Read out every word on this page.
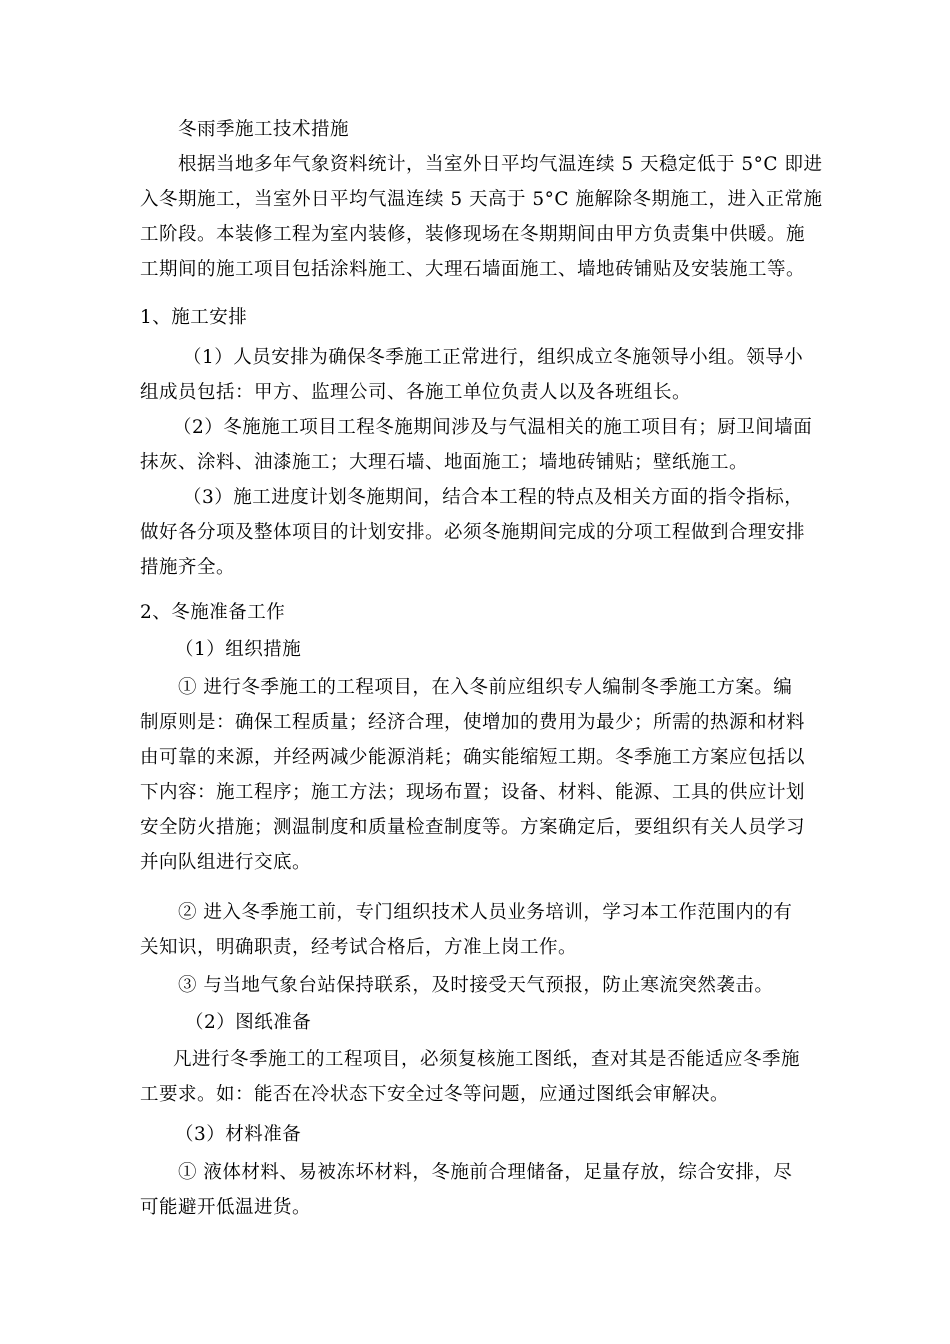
冬雨季施工技术措施

根据当地多年气象资料统计，当室外日平均气温连续 5 天稳定低于 5°C 即进
入冬期施工，当室外日平均气温连续 5 天高于 5°C 施解除冬期施工，进入正常施
工阶段。本装修工程为室内装修，装修现场在冬期期间由甲方负责集中供暖。施
工期间的施工项目包括涂料施工、大理石墙面施工、墙地砖铺贴及安装施工等。

1、施工安排

（1）人员安排为确保冬季施工正常进行，组织成立冬施领导小组。领导小
组成员包括：甲方、监理公司、各施工单位负责人以及各班组长。

（2）冬施施工项目工程冬施期间涉及与气温相关的施工项目有；厨卫间墙面
抹灰、涂料、油漆施工；大理石墙、地面施工；墙地砖铺贴；壁纸施工。

（3）施工进度计划冬施期间，结合本工程的特点及相关方面的指令指标，
做好各分项及整体项目的计划安排。必须冬施期间完成的分项工程做到合理安排
措施齐全。

2、冬施准备工作

（1）组织措施

① 进行冬季施工的工程项目，在入冬前应组织专人编制冬季施工方案。编
制原则是：确保工程质量；经济合理，使增加的费用为最少；所需的热源和材料
由可靠的来源，并经两减少能源消耗；确实能缩短工期。冬季施工方案应包括以
下内容：施工程序；施工方法；现场布置；设备、材料、能源、工具的供应计划
安全防火措施；测温制度和质量检查制度等。方案确定后，要组织有关人员学习
并向队组进行交底。

② 进入冬季施工前，专门组织技术人员业务培训，学习本工作范围内的有
关知识，明确职责，经考试合格后，方准上岗工作。

③ 与当地气象台站保持联系，及时接受天气预报，防止寒流突然袭击。

（2）图纸准备

凡进行冬季施工的工程项目，必须复核施工图纸，查对其是否能适应冬季施
工要求。如：能否在冷状态下安全过冬等问题，应通过图纸会审解决。

（3）材料准备

① 液体材料、易被冻坏材料，冬施前合理储备，足量存放，综合安排，尽
可能避开低温进货。
